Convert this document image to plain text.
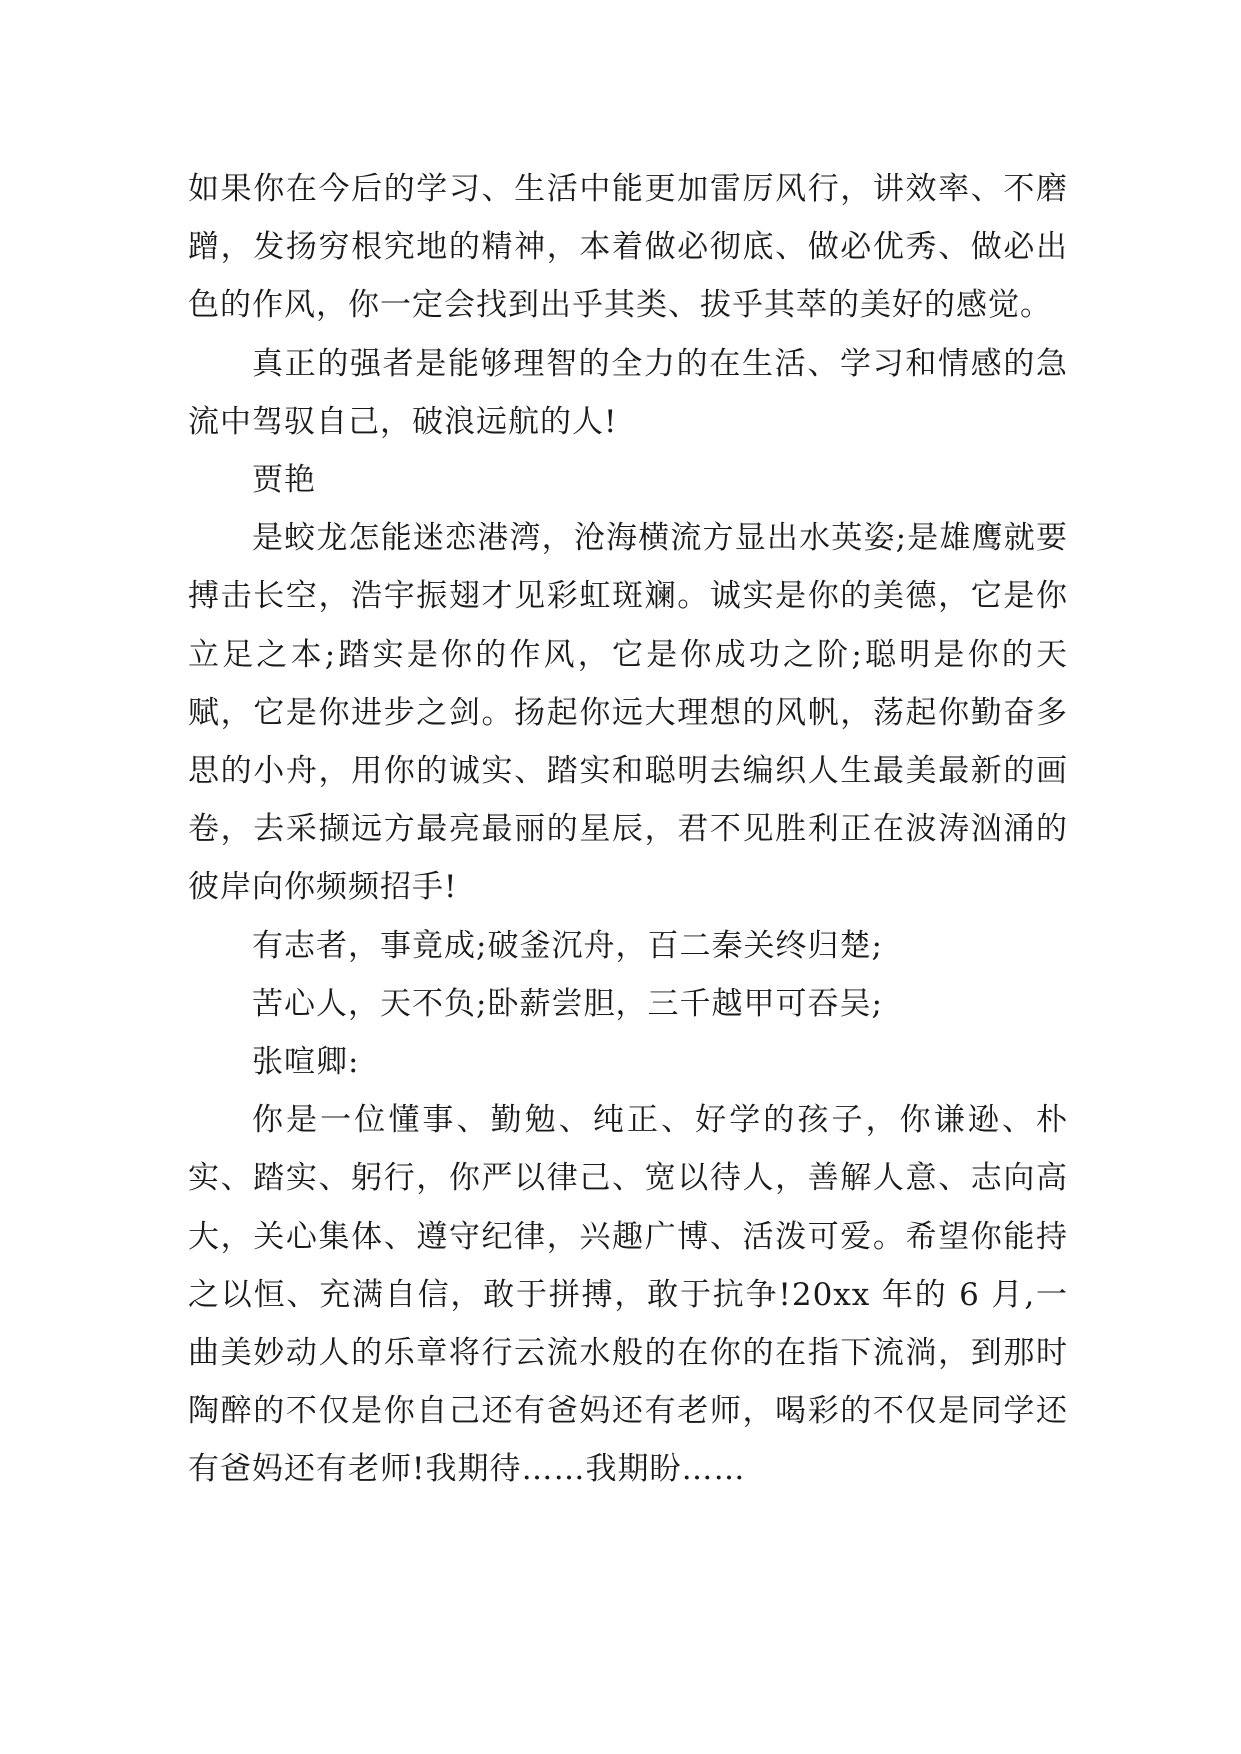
如果你在今后的学习、生活中能更加雷厉风行，讲效率、不磨蹭，发扬穷根究地的精神，本着做必彻底、做必优秀、做必出色的作风，你一定会找到出乎其类、拔乎其萃的美好的感觉。

真正的强者是能够理智的全力的在生活、学习和情感的急流中驾驭自己，破浪远航的人!

贾艳

是蛟龙怎能迷恋港湾，沧海横流方显出水英姿;是雄鹰就要搏击长空，浩宇振翅才见彩虹斑斓。诚实是你的美德，它是你立足之本;踏实是你的作风，它是你成功之阶;聪明是你的天赋，它是你进步之剑。扬起你远大理想的风帆，荡起你勤奋多思的小舟，用你的诚实、踏实和聪明去编织人生最美最新的画卷，去采撷远方最亮最丽的星辰，君不见胜利正在波涛汹涌的彼岸向你频频招手!

有志者，事竟成;破釜沉舟，百二秦关终归楚;

苦心人，天不负;卧薪尝胆，三千越甲可吞吴;

张喧卿:

你是一位懂事、勤勉、纯正、好学的孩子，你谦逊、朴实、踏实、躬行，你严以律己、宽以待人，善解人意、志向高大，关心集体、遵守纪律，兴趣广博、活泼可爱。希望你能持之以恒、充满自信，敢于拼搏，敢于抗争!20xx 年的 6 月,一曲美妙动人的乐章将行云流水般的在你的在指下流淌，到那时陶醉的不仅是你自己还有爸妈还有老师，喝彩的不仅是同学还有爸妈还有老师!我期待……我期盼……
